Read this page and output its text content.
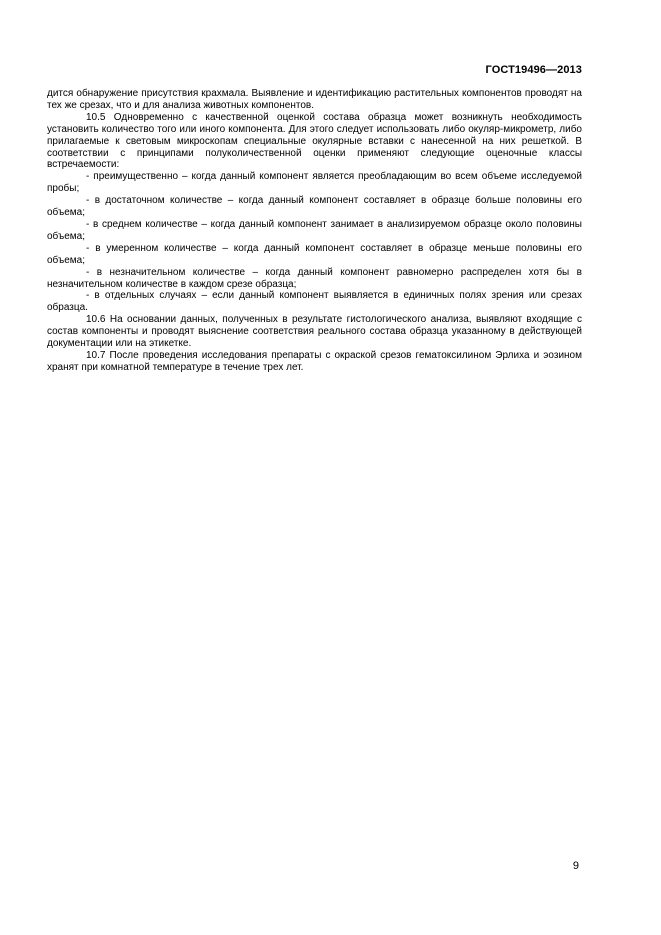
ГОСТ19496—2013

дится обнаружение присутствия крахмала. Выявление и идентификацию растительных компонентов проводят на тех же срезах, что и для анализа животных компонентов.

10.5 Одновременно с качественной оценкой состава образца может возникнуть необходимость установить количество того или иного компонента. Для этого следует использовать либо окуляр-микрометр, либо прилагаемые к световым микроскопам специальные окулярные вставки с нанесенной на них решеткой. В соответствии с принципами полуколичественной оценки применяют следующие оценочные классы встречаемости:

- преимущественно – когда данный компонент является преобладающим во всем объеме исследуемой пробы;

- в достаточном количестве – когда данный компонент составляет в образце больше половины его объема;

- в среднем количестве – когда данный компонент занимает в анализируемом образце около половины объема;

- в умеренном количестве – когда данный компонент составляет в образце меньше половины его объема;

- в незначительном количестве – когда данный компонент равномерно распределен хотя бы в незначительном количестве в каждом срезе образца;

- в отдельных случаях – если данный компонент выявляется в единичных полях зрения или срезах образца.

10.6 На основании данных, полученных в результате гистологического анализа, выявляют входящие с состав компоненты и проводят выяснение соответствия реального состава образца указанному в действующей документации или на этикетке.

10.7 После проведения исследования препараты с окраской срезов гематоксилином Эрлиха и эозином хранят при комнатной температуре в течение трех лет.

9
